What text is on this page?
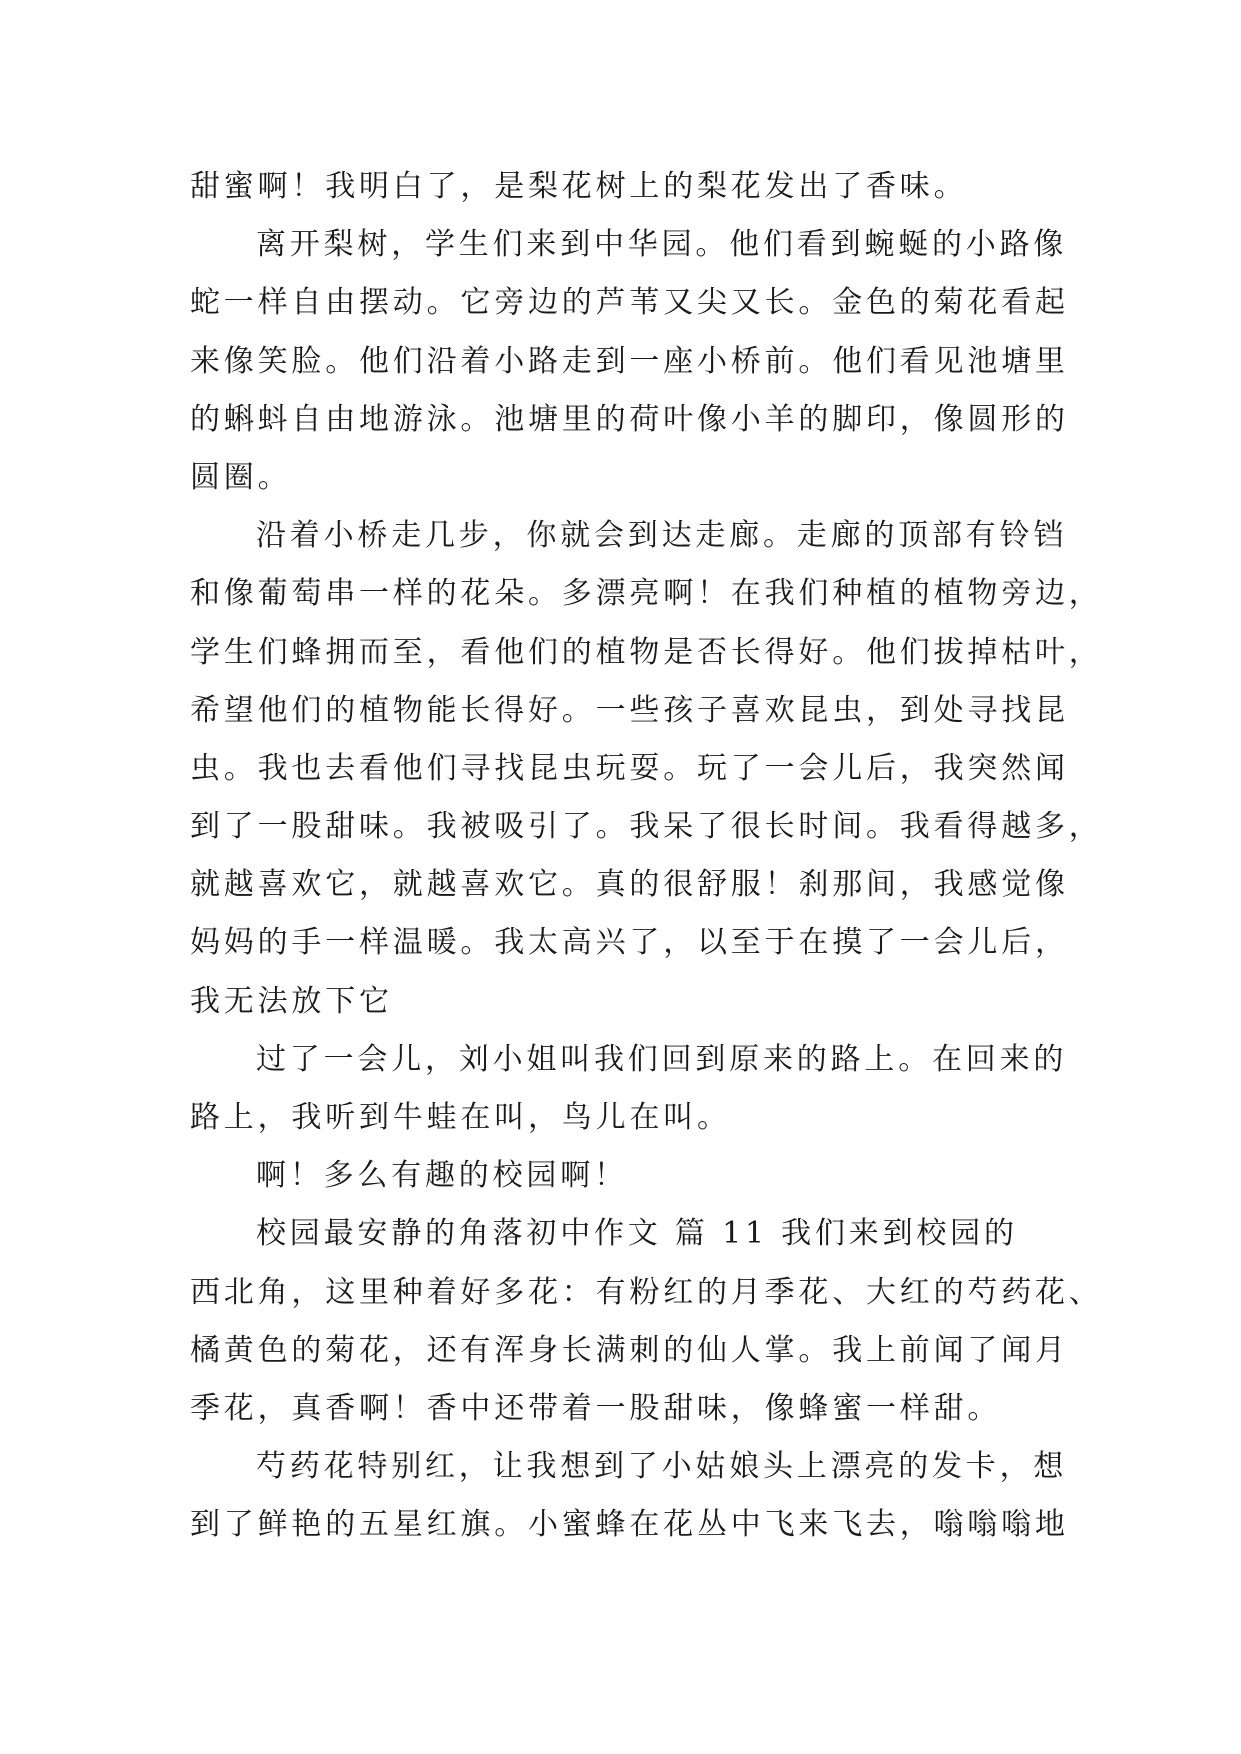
甜蜜啊！我明白了，是梨花树上的梨花发出了香味。
离开梨树，学生们来到中华园。他们看到蜿蜒的小路像
蛇一样自由摆动。它旁边的芦苇又尖又长。金色的菊花看起
来像笑脸。他们沿着小路走到一座小桥前。他们看见池塘里
的蝌蚪自由地游泳。池塘里的荷叶像小羊的脚印，像圆形的
圆圈。
沿着小桥走几步，你就会到达走廊。走廊的顶部有铃铛
和像葡萄串一样的花朵。多漂亮啊！在我们种植的植物旁边，
学生们蜂拥而至，看他们的植物是否长得好。他们拔掉枯叶，
希望他们的植物能长得好。一些孩子喜欢昆虫，到处寻找昆
虫。我也去看他们寻找昆虫玩耍。玩了一会儿后，我突然闻
到了一股甜味。我被吸引了。我呆了很长时间。我看得越多，
就越喜欢它，就越喜欢它。真的很舒服！刹那间，我感觉像
妈妈的手一样温暖。我太高兴了，以至于在摸了一会儿后，
我无法放下它
过了一会儿，刘小姐叫我们回到原来的路上。在回来的
路上，我听到牛蛙在叫，鸟儿在叫。
啊！多么有趣的校园啊！
校园最安静的角落初中作文 篇 11 我们来到校园的
西北角，这里种着好多花：有粉红的月季花、大红的芍药花、
橘黄色的菊花，还有浑身长满刺的仙人掌。我上前闻了闻月
季花，真香啊！香中还带着一股甜味，像蜂蜜一样甜。
芍药花特别红，让我想到了小姑娘头上漂亮的发卡，想
到了鲜艳的五星红旗。小蜜蜂在花丛中飞来飞去，嗡嗡嗡地
